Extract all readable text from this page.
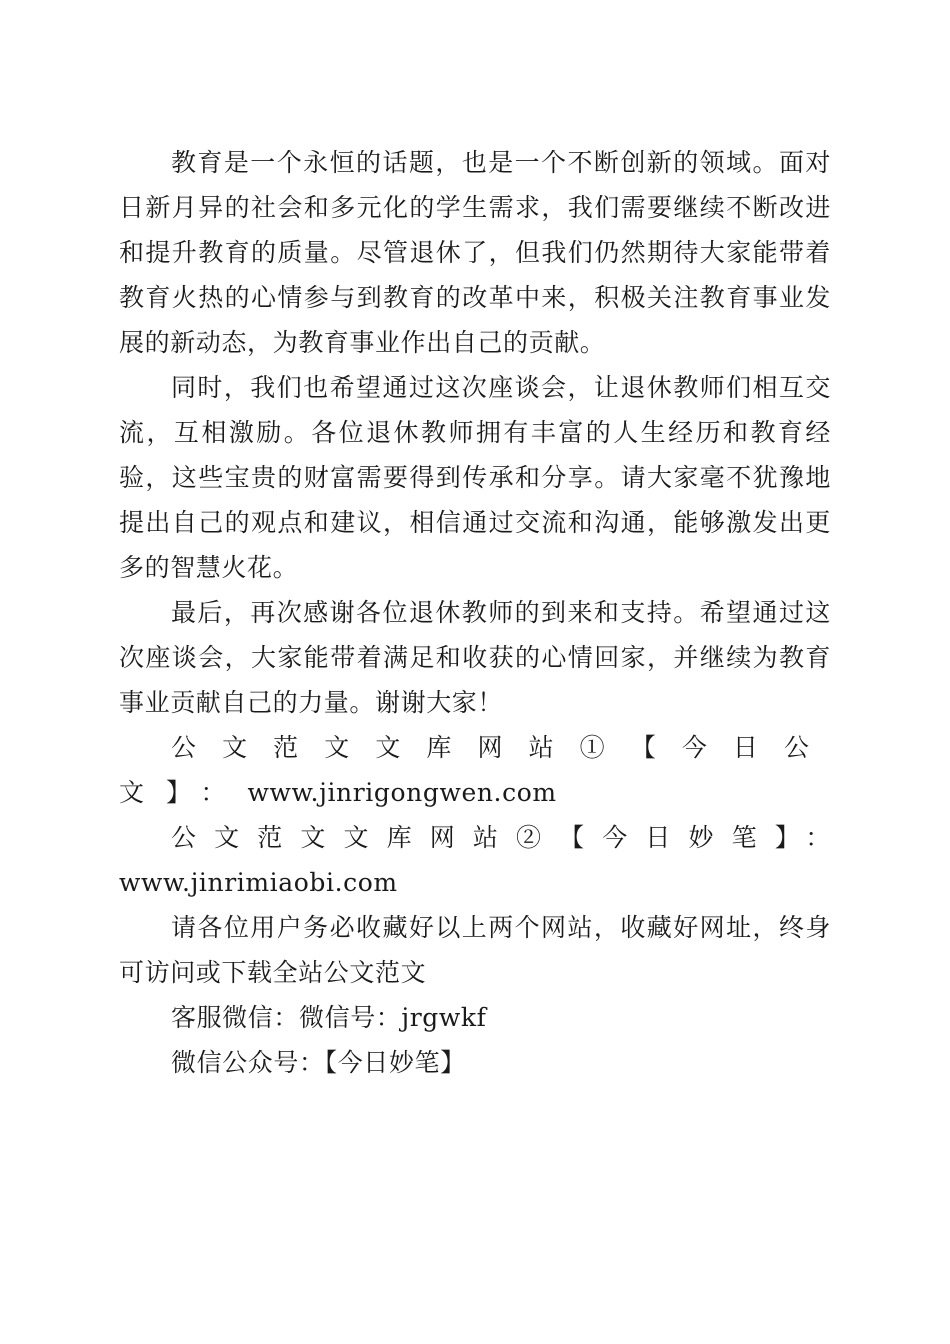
教育是一个永恒的话题，也是一个不断创新的领域。面对日新月异的社会和多元化的学生需求，我们需要继续不断改进和提升教育的质量。尽管退休了，但我们仍然期待大家能带着教育火热的心情参与到教育的改革中来，积极关注教育事业发展的新动态，为教育事业作出自己的贡献。

同时，我们也希望通过这次座谈会，让退休教师们相互交流，互相激励。各位退休教师拥有丰富的人生经历和教育经验，这些宝贵的财富需要得到传承和分享。请大家毫不犹豫地提出自己的观点和建议，相信通过交流和沟通，能够激发出更多的智慧火花。

最后，再次感谢各位退休教师的到来和支持。希望通过这次座谈会，大家能带着满足和收获的心情回家，并继续为教育事业贡献自己的力量。谢谢大家！

公文范文文库网站①【今日公文】：www.jinrigongwen.com

公文范文文库网站②【今日妙笔】：www.jinrimiaobi.com

请各位用户务必收藏好以上两个网站，收藏好网址，终身可访问或下载全站公文范文

客服微信：微信号：jrgwkf

微信公众号：【今日妙笔】
